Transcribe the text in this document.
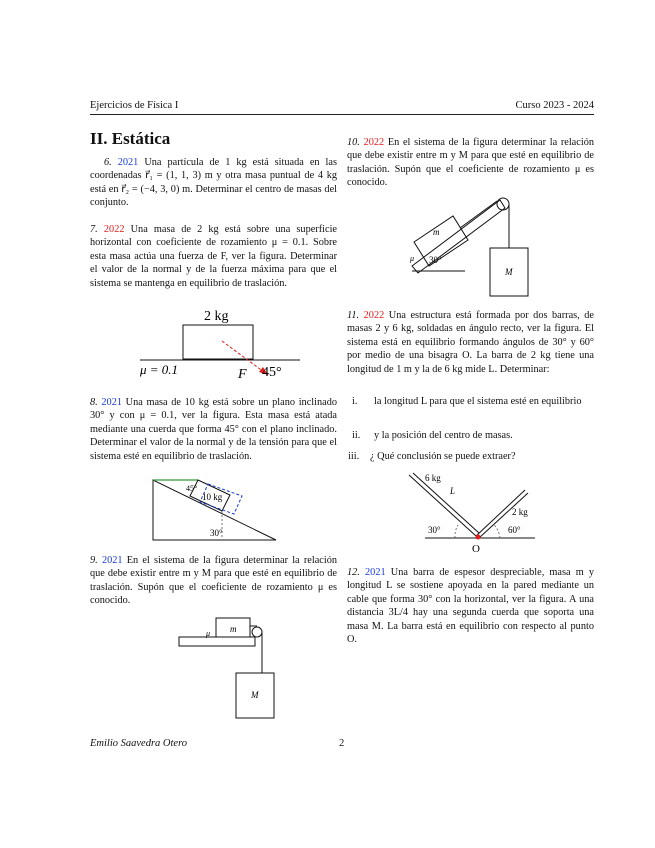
Ejercicios de Física I	Curso 2023 - 2024
II. Estática
6. 2021 Una partícula de 1 kg está situada en las coordenadas r⃗₁ = (1, 1, 3) m y otra masa puntual de 4 kg está en r⃗₂ = (−4, 3, 0) m. Determinar el centro de masas del conjunto.
7. 2022 Una masa de 2 kg está sobre una superficie horizontal con coeficiente de rozamiento μ = 0.1. Sobre esta masa actúa una fuerza de F, ver la figura. Determinar el valor de la normal y de la fuerza máxima para que el sistema se mantenga en equilibrio de traslación.
2 kg
μ = 0.1	F 45°
8. 2021 Una masa de 10 kg está sobre un plano inclinado 30° y con μ = 0.1, ver la figura. Esta masa está atada mediante una cuerda que forma 45° con el plano inclinado. Determinar el valor de la normal y de la tensión para que el sistema esté en equilibrio de traslación.
45°
10 kg
30°
9. 2021 En el sistema de la figura determinar la relación que debe existir entre m y M para que esté en equilibrio de traslación. Supón que el coeficiente de rozamiento μ es conocido.
m
μ
M
10. 2022 En el sistema de la figura determinar la relación que debe existir entre m y M para que esté en equilibrio de traslación. Supón que el coeficiente de rozamiento μ es conocido.
m
μ 30°
M
11. 2022 Una estructura está formada por dos barras, de masas 2 y 6 kg, soldadas en ángulo recto, ver la figura. El sistema está en equilibrio formando ángulos de 30° y 60° por medio de una bisagra O. La barra de 2 kg tiene una longitud de 1 m y la de 6 kg mide L. Determinar:
i.	la longitud L para que el sistema esté en equilibrio
ii.	y la posición del centro de masas.
iii.	¿ Qué conclusión se puede extraer?
6 kg
L
2 kg
30°	60°
O
12. 2021 Una barra de espesor despreciable, masa m y longitud L se sostiene apoyada en la pared mediante un cable que forma 30° con la horizontal, ver la figura. A una distancia 3L/4 hay una segunda cuerda que soporta una masa M. La barra está en equilibrio con respecto al punto O.
Emilio Saavedra Otero	2
